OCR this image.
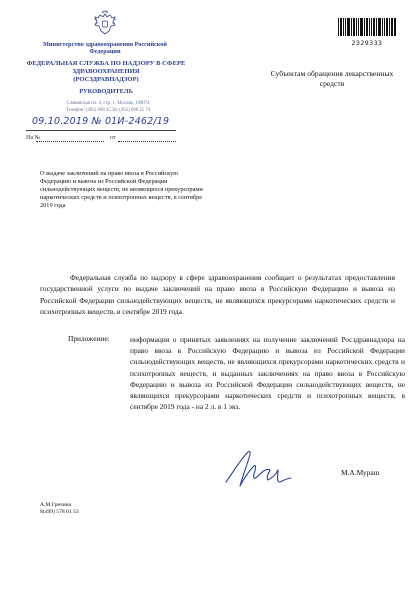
Министерство здравоохранения Российской Федерации
ФЕДЕРАЛЬНАЯ СЛУЖБА ПО НАДЗОРУ В СФЕРЕ ЗДРАВООХРАНЕНИЯ
(РОСЗДРАВНАДЗОР)
РУКОВОДИТЕЛЬ
Славянская пл. 4, стр. 1, Москва, 109074
Телефон: (495) 698 45 38; (495) 698 15 74
09.10.2019 № 01И-2462/19
На №	от
2329333
Субъектам обращения лекарственных средств
О выдаче заключений на право ввоза в Российскую Федерацию и вывоза из Российской Федерации сильнодействующих веществ, не являющихся прекурсорами наркотических средств и психотропных веществ, в сентябре 2019 года
Федеральная служба по надзору в сфере здравоохранения сообщает о результатах предоставления государственной услуги по выдаче заключений на право ввоза в Российскую Федерацию и вывоза из Российской Федерации сильнодействующих веществ, не являющихся прекурсорами наркотических средств и психотропных веществ, в сентябре 2019 года.
Приложение:	информация о принятых заявлениях на получение заключений Росздравнадзора на право ввоза в Российскую Федерацию и вывоза из Российской Федерации сильнодействующих веществ, не являющихся прекурсорами наркотических средств и психотропных веществ, и выданных заключениях на право ввоза в Российскую Федерацию и вывоза из Российской Федерации сильнодействующих веществ, не являющихся прекурсорами наркотических средств и психотропных веществ, в сентябре 2019 года - на 2 л. в 1 экз.
М.А.Мураш
А.М.Гречина
8(499) 578 01 53
